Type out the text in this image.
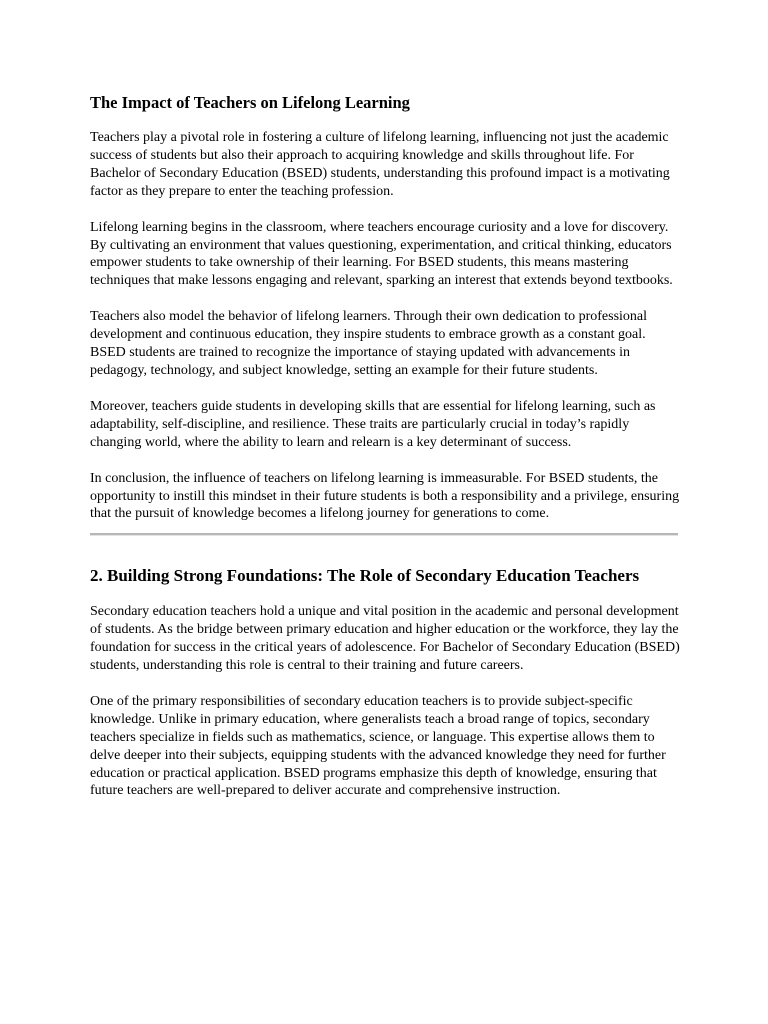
The Impact of Teachers on Lifelong Learning

Teachers play a pivotal role in fostering a culture of lifelong learning, influencing not just the academic success of students but also their approach to acquiring knowledge and skills throughout life. For Bachelor of Secondary Education (BSED) students, understanding this profound impact is a motivating factor as they prepare to enter the teaching profession.

Lifelong learning begins in the classroom, where teachers encourage curiosity and a love for discovery. By cultivating an environment that values questioning, experimentation, and critical thinking, educators empower students to take ownership of their learning. For BSED students, this means mastering techniques that make lessons engaging and relevant, sparking an interest that extends beyond textbooks.

Teachers also model the behavior of lifelong learners. Through their own dedication to professional development and continuous education, they inspire students to embrace growth as a constant goal. BSED students are trained to recognize the importance of staying updated with advancements in pedagogy, technology, and subject knowledge, setting an example for their future students.

Moreover, teachers guide students in developing skills that are essential for lifelong learning, such as adaptability, self-discipline, and resilience. These traits are particularly crucial in today’s rapidly changing world, where the ability to learn and relearn is a key determinant of success.

In conclusion, the influence of teachers on lifelong learning is immeasurable. For BSED students, the opportunity to instill this mindset in their future students is both a responsibility and a privilege, ensuring that the pursuit of knowledge becomes a lifelong journey for generations to come.

2. Building Strong Foundations: The Role of Secondary Education Teachers

Secondary education teachers hold a unique and vital position in the academic and personal development of students. As the bridge between primary education and higher education or the workforce, they lay the foundation for success in the critical years of adolescence. For Bachelor of Secondary Education (BSED) students, understanding this role is central to their training and future careers.

One of the primary responsibilities of secondary education teachers is to provide subject-specific knowledge. Unlike in primary education, where generalists teach a broad range of topics, secondary teachers specialize in fields such as mathematics, science, or language. This expertise allows them to delve deeper into their subjects, equipping students with the advanced knowledge they need for further education or practical application. BSED programs emphasize this depth of knowledge, ensuring that future teachers are well-prepared to deliver accurate and comprehensive instruction.
